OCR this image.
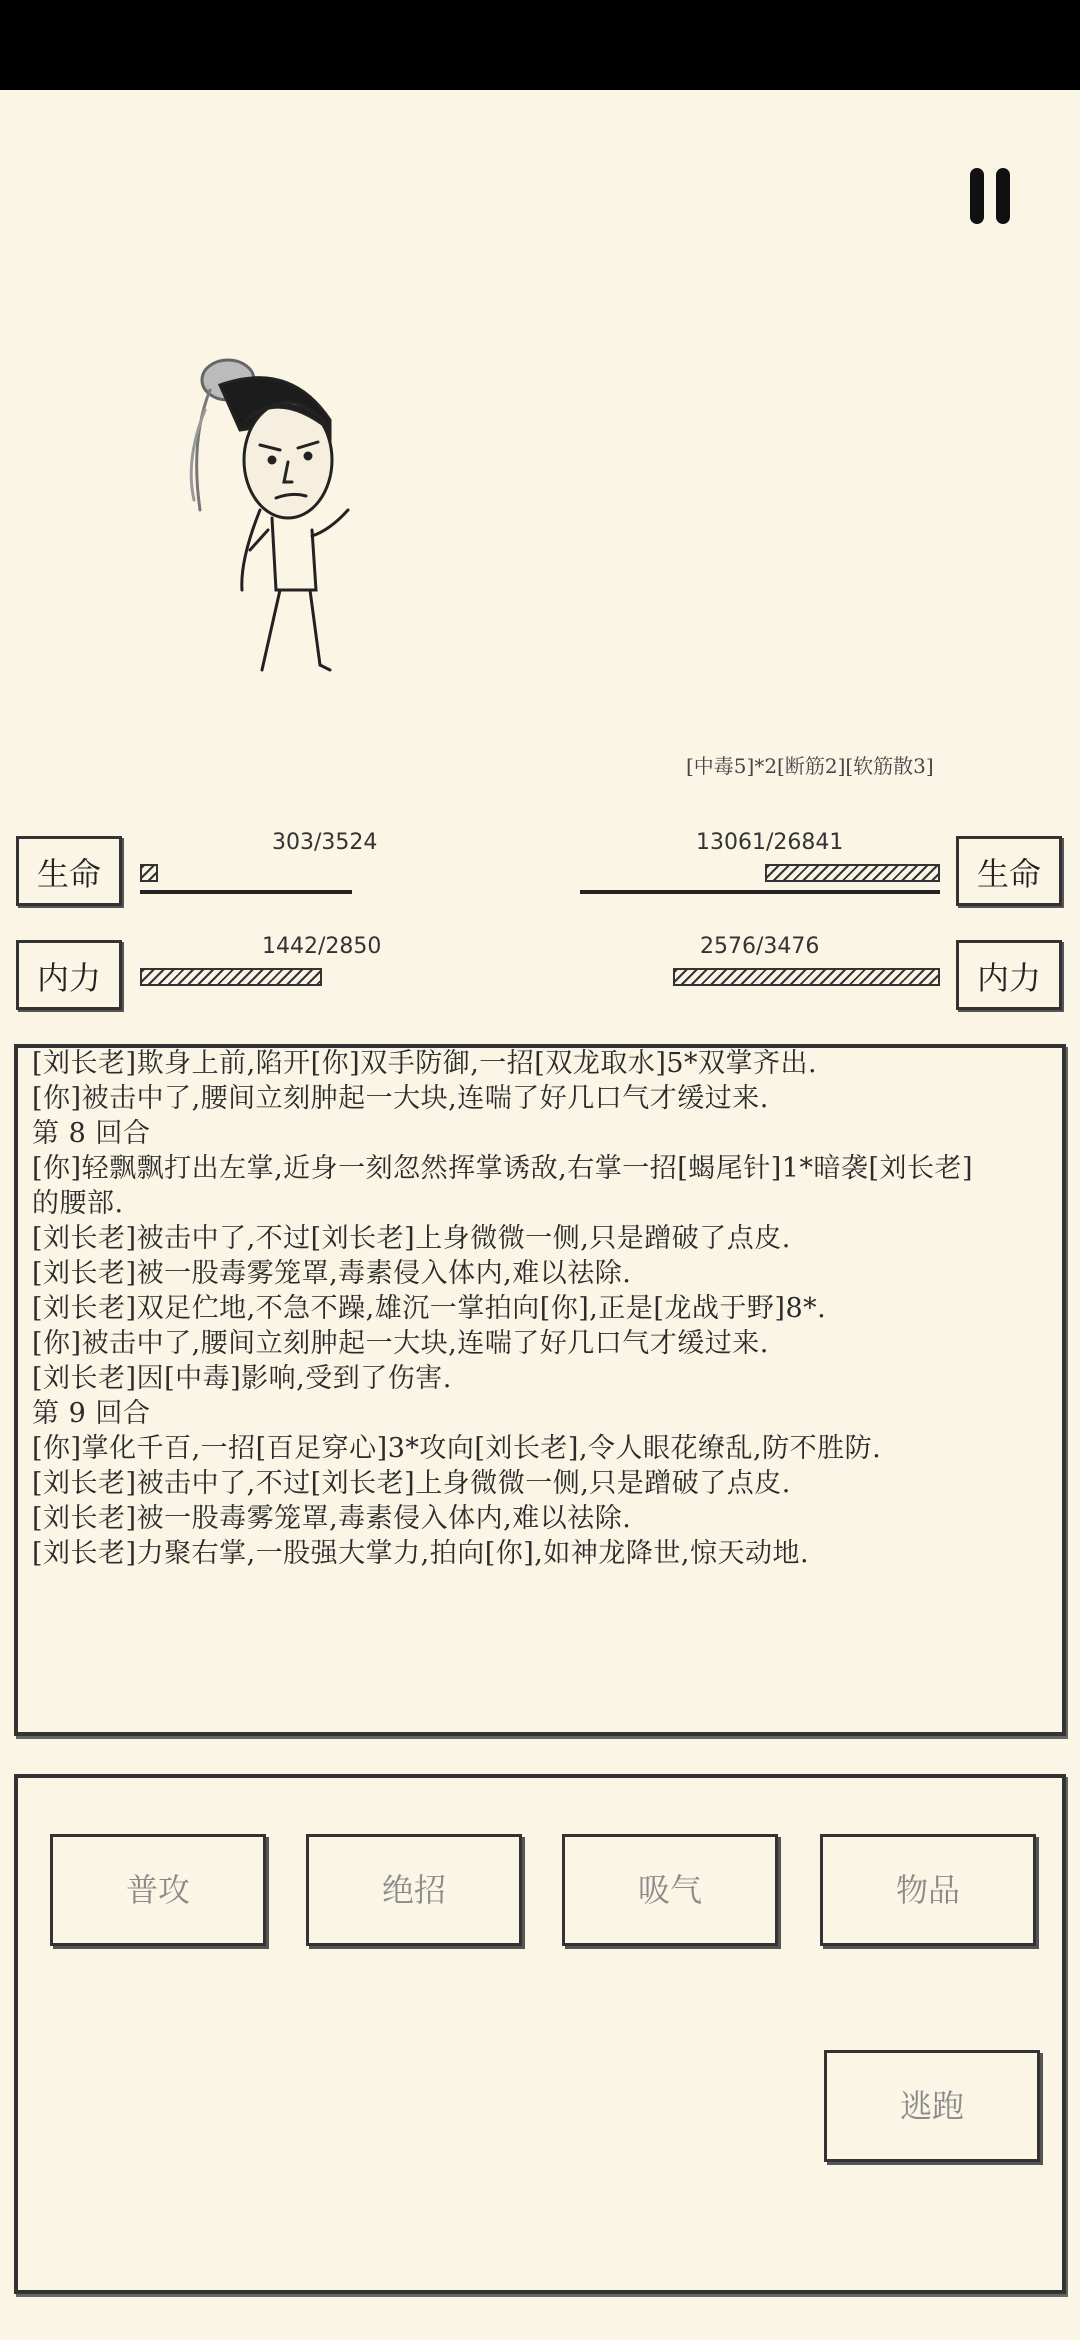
[中毒5]*2[断筋2][软筋散3]
生命
303/3524
生命
13061/26841
内力
1442/2850
内力
2576/3476
[刘长老]欺身上前,陷开[你]双手防御,一招[双龙取水]5*双掌齐出.
[你]被击中了,腰间立刻肿起一大块,连喘了好几口气才缓过来.
第 8 回合
[你]轻飘飘打出左掌,近身一刻忽然挥掌诱敌,右掌一招[蝎尾针]1*暗袭[刘长老]
的腰部.
[刘长老]被击中了,不过[刘长老]上身微微一侧,只是蹭破了点皮.
[刘长老]被一股毒雾笼罩,毒素侵入体内,难以祛除.
[刘长老]双足伫地,不急不躁,雄沉一掌拍向[你],正是[龙战于野]8*.
[你]被击中了,腰间立刻肿起一大块,连喘了好几口气才缓过来.
[刘长老]因[中毒]影响,受到了伤害.
第 9 回合
[你]掌化千百,一招[百足穿心]3*攻向[刘长老],令人眼花缭乱,防不胜防.
[刘长老]被击中了,不过[刘长老]上身微微一侧,只是蹭破了点皮.
[刘长老]被一股毒雾笼罩,毒素侵入体内,难以祛除.
[刘长老]力聚右掌,一股强大掌力,拍向[你],如神龙降世,惊天动地.
普攻	绝招	吸气	物品
逃跑
